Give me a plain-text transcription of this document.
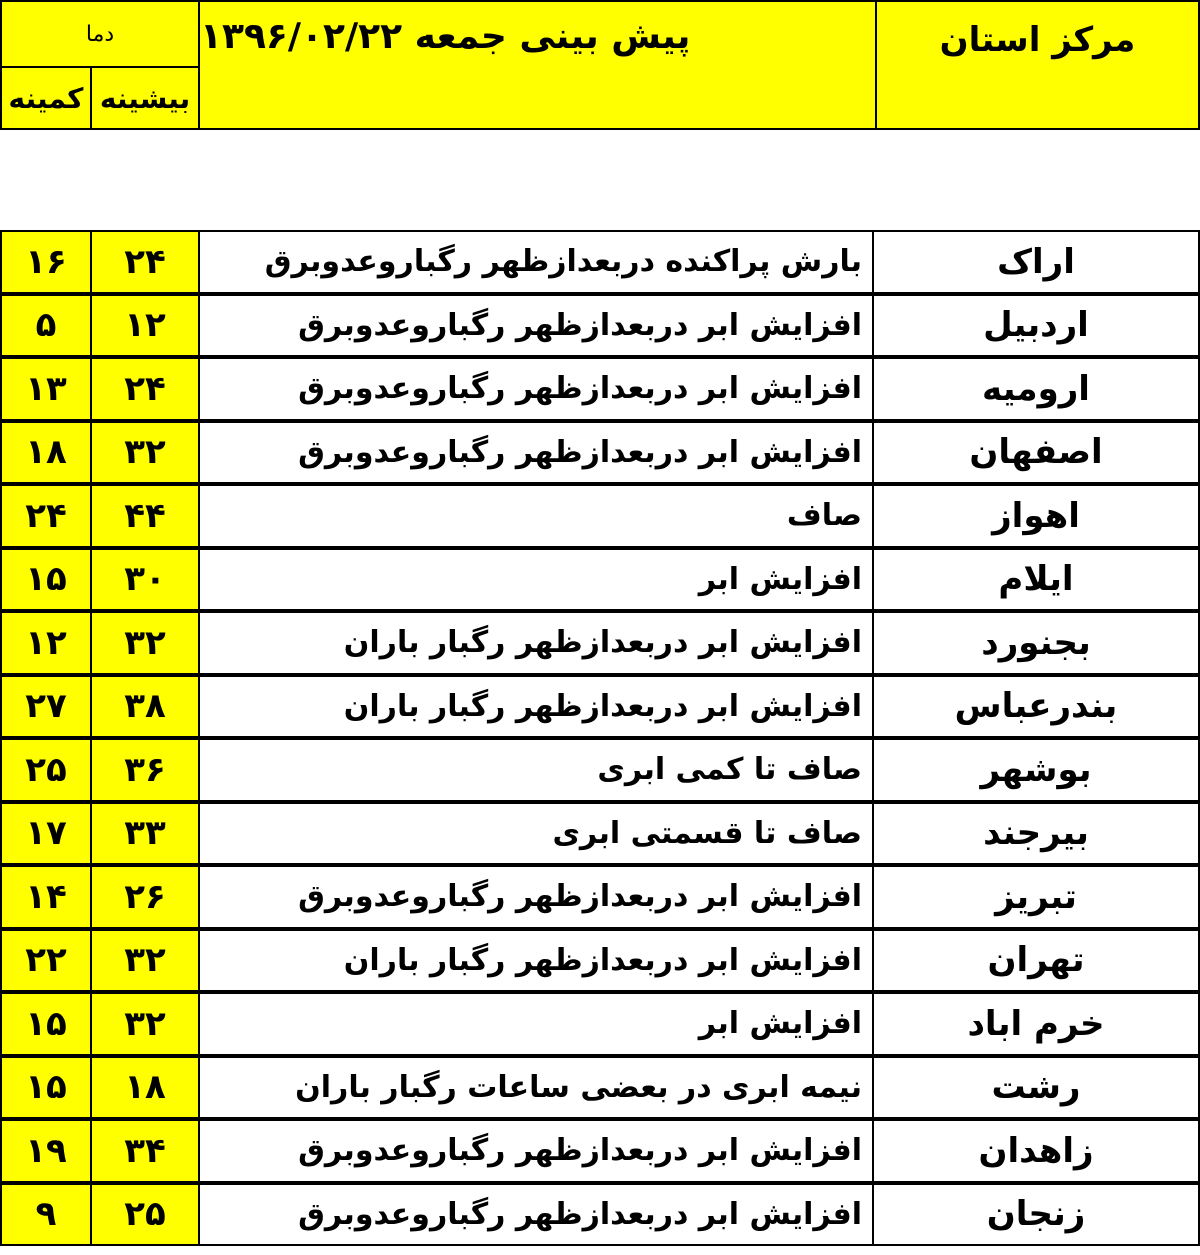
مرکز استان
پیش بینی جمعه ۱۳۹۶/۰۲/۲۲
دما
بیشینه
کمینه
اراک
بارش پراکنده دربعدازظهر رگباروعدوبرق
۲۴
۱۶
اردبیل
افزایش ابر دربعدازظهر رگباروعدوبرق
۱۲
۵
ارومیه
افزایش ابر دربعدازظهر رگباروعدوبرق
۲۴
۱۳
اصفهان
افزایش ابر دربعدازظهر رگباروعدوبرق
۳۲
۱۸
اهواز
صاف
۴۴
۲۴
ایلام
افزایش ابر
۳۰
۱۵
بجنورد
افزایش ابر دربعدازظهر رگبار باران
۳۲
۱۲
بندرعباس
افزایش ابر دربعدازظهر رگبار باران
۳۸
۲۷
بوشهر
صاف تا کمی ابری
۳۶
۲۵
بیرجند
صاف تا قسمتی ابری
۳۳
۱۷
تبریز
افزایش ابر دربعدازظهر رگباروعدوبرق
۲۶
۱۴
تهران
افزایش ابر دربعدازظهر رگبار باران
۳۲
۲۲
خرم اباد
افزایش ابر
۳۲
۱۵
رشت
نیمه ابری در بعضی ساعات رگبار باران
۱۸
۱۵
زاهدان
افزایش ابر دربعدازظهر رگباروعدوبرق
۳۴
۱۹
زنجان
افزایش ابر دربعدازظهر رگباروعدوبرق
۲۵
۹
